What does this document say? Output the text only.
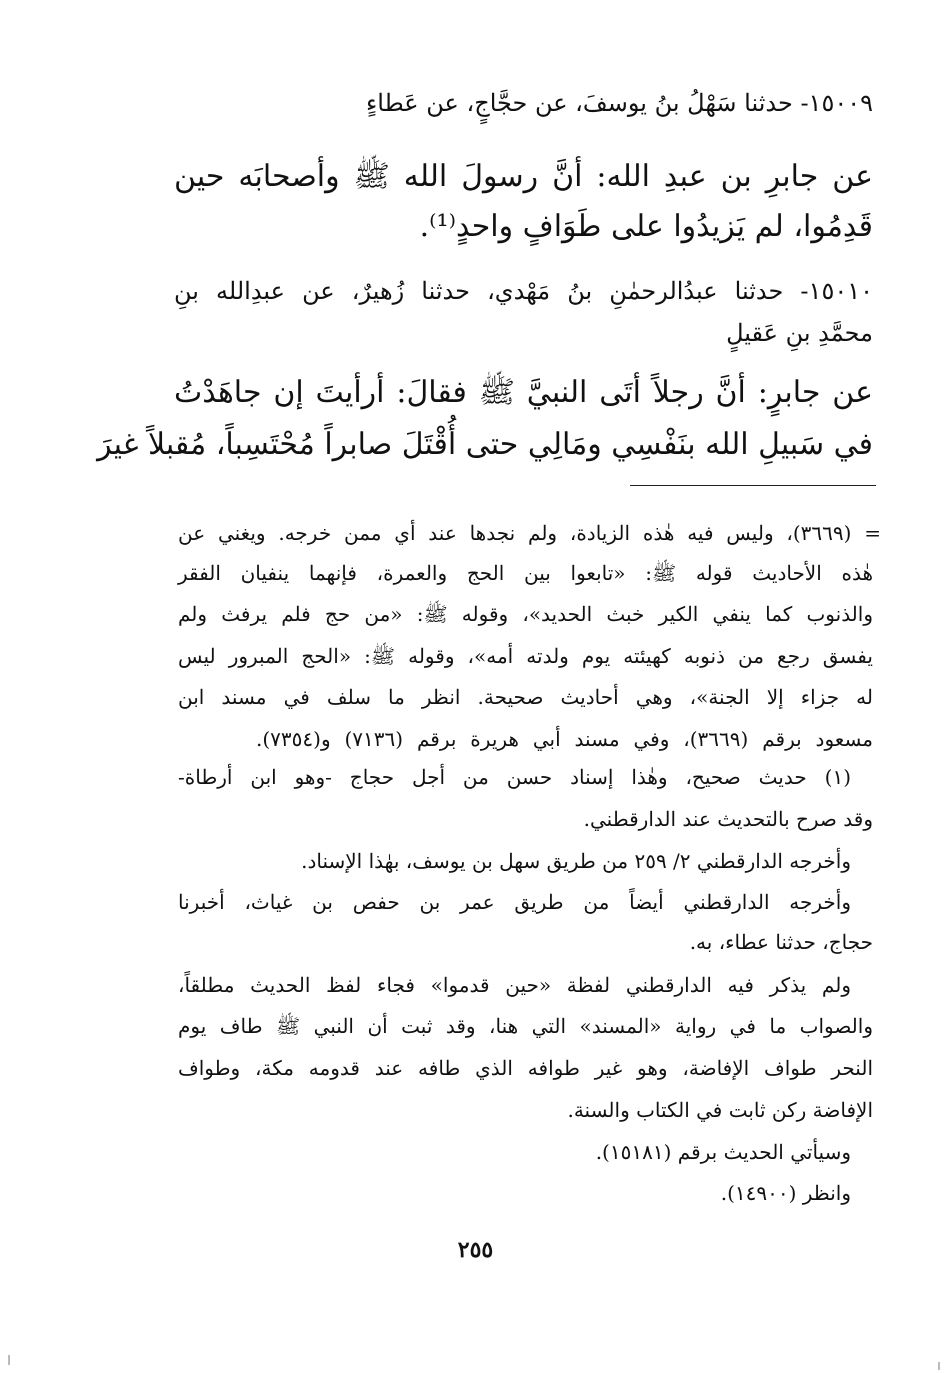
١٥٠٠٩- حدثنا سَهْلُ بنُ يوسفَ، عن حجَّاجٍ، عن عَطاءٍ
عن جابرِ بن عبدِ الله: أنَّ رسولَ الله ﷺ وأصحابَه حين
قَدِمُوا، لم يَزيدُوا على طَوَافٍ واحدٍ⁽¹⁾.
١٥٠١٠- حدثنا عبدُالرحمٰنِ بنُ مَهْدي، حدثنا زُهيرٌ، عن عبدِالله بنِ
محمَّدِ بنِ عَقيلٍ
عن جابرٍ: أنَّ رجلاً أتَى النبيَّ ﷺ فقالَ: أرأيتَ إن جاهَدْتُ
في سَبيلِ الله بنَفْسِي ومَالِي حتى أُقْتَلَ صابراً مُحْتَسِباً، مُقبلاً غيرَ
= (٣٦٦٩)، وليس فيه هٰذه الزيادة، ولم نجدها عند أي ممن خرجه. ويغني عن
هٰذه الأحاديث قوله ﷺ: «تابعوا بين الحج والعمرة، فإنهما ينفيان الفقر
والذنوب كما ينفي الكير خبث الحديد»، وقوله ﷺ: «من حج فلم يرفث ولم
يفسق رجع من ذنوبه كهيئته يوم ولدته أمه»، وقوله ﷺ: «الحج المبرور ليس
له جزاء إلا الجنة»، وهي أحاديث صحيحة. انظر ما سلف في مسند ابن
مسعود برقم (٣٦٦٩)، وفي مسند أبي هريرة برقم (٧١٣٦) و(٧٣٥٤).
(١) حديث صحيح، وهٰذا إسناد حسن من أجل حجاج -وهو ابن أرطاة-
وقد صرح بالتحديث عند الدارقطني.
وأخرجه الدارقطني ٢/ ٢٥٩ من طريق سهل بن يوسف، بهٰذا الإسناد.
وأخرجه الدارقطني أيضاً من طريق عمر بن حفص بن غياث، أخبرنا
حجاج، حدثنا عطاء، به.
ولم يذكر فيه الدارقطني لفظة «حين قدموا» فجاء لفظ الحديث مطلقاً،
والصواب ما في رواية «المسند» التي هنا، وقد ثبت أن النبي ﷺ طاف يوم
النحر طواف الإفاضة، وهو غير طوافه الذي طافه عند قدومه مكة، وطواف
الإفاضة ركن ثابت في الكتاب والسنة.
وسيأتي الحديث برقم (١٥١٨١).
وانظر (١٤٩٠٠).
٢٥٥
